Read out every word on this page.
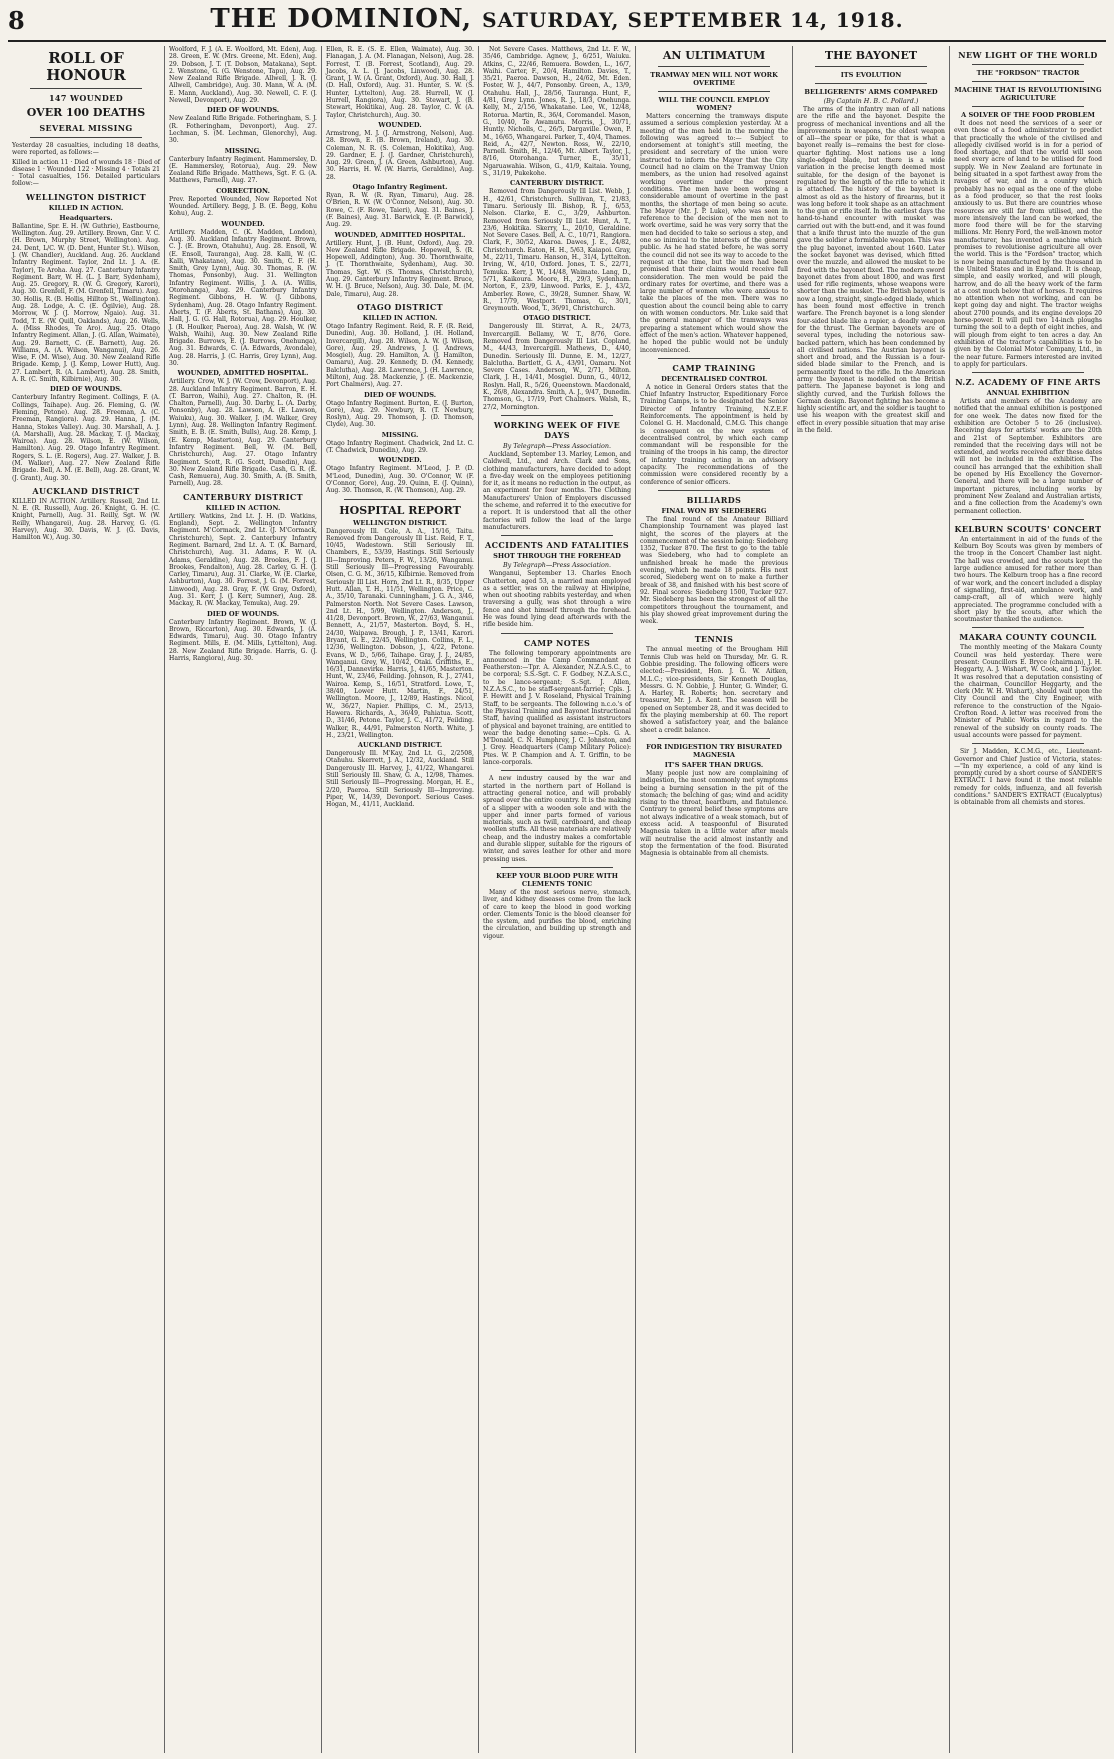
8	THE DOMINION, SATURDAY, SEPTEMBER 14, 1918.
ROLL OF HONOUR
147 WOUNDED
OVER 100 DEATHS
SEVERAL MISSING

Yesterday 28 casualties, including 18 deaths, were reported, as follows:—

Killed in action 11 · Died of wounds 18 · Died of disease 1 · Wounded 122 · Missing 4 · Totals 21 · Total casualties, 156. Detailed particulars follow:—

WELLINGTON DISTRICT
KILLED IN ACTION.
Headquarters.

Ballantine, Spr. E. H. (W. Guthrie), Eastbourne, Wellington. Aug. 29. Artillery. Brown, Gnr. V. C. (H. Brown, Murphy Street, Wellington). Aug. 24. Dent, L/C. W. (D. Dent, Hunter St.). Wilson, J. (W. Chandler), Auckland. Aug. 26. Auckland Infantry Regiment. Taylor, 2nd Lt. J. A. (E. Taylor), Te Aroha. Aug. 27. Canterbury Infantry Regiment. Barr, W. H. (L. J. Barr, Sydenham), Aug. 25. Gregory, R. (W. G. Gregory, Karori), Aug. 30. Grenfell, F. (M. Grenfell, Timaru). Aug. 30. Hollis, R. (B. Hollis, Hilltop St., Wellington). Aug. 28. Lodge, A. C. (E. Ogilvie), Aug. 28. Morrow, W. J. (J. Morrow, Ngaio). Aug. 31. Todd, T. E. (W. Quill, Oaklands), Aug. 26. Wells, A. (Miss Rhodes, Te Aro). Aug. 25. Otago Infantry Regiment. Allan, J. (G. Allan, Waimate), Aug. 29. Barnett, C. (E. Barnett), Aug. 26. Williams, A. (A. Wilson, Wanganui), Aug. 26. Wise, F. (M. Wise), Aug. 30. New Zealand Rifle Brigade. Kemp, J. (J. Kemp, Lower Hutt), Aug. 27. Lambert, R. (A. Lambert), Aug. 28. Smith, A. R. (C. Smith, Kilbirnie), Aug. 30.

DIED OF WOUNDS.

Canterbury Infantry Regiment. Collings, F. (A. Collings, Taihape). Aug. 26. Fleming, G. (W. Fleming, Petone). Aug. 28. Freeman, A. (C. Freeman, Rangiora). Aug. 29. Hanna, J. (M. Hanna, Stokes Valley). Aug. 30. Marshall, A. J. (A. Marshall), Aug. 28. Mackay, T. (J. Mackay, Wairoa). Aug. 28. Wilson, E. (W. Wilson, Hamilton). Aug. 29. Otago Infantry Regiment. Rogers, S. L. (E. Rogers), Aug. 27. Walker, J. B. (M. Walker), Aug. 27. New Zealand Rifle Brigade. Bell, A. M. (E. Bell), Aug. 28. Grant, W. (J. Grant), Aug. 30.

AUCKLAND DISTRICT

KILLED IN ACTION. Artillery. Russell, 2nd Lt. N. E. (R. Russell), Aug. 26. Knight, G. H. (C. Knight, Parnell), Aug. 31. Reilly, Sgt. W. (W. Reilly, Whangarei), Aug. 28. Harvey, G. (G. Harvey), Aug. 30. Davis, W. J. (G. Davis, Hamilton W.), Aug. 30.

Woolford, F. J. (A. E. Woolford, Mt. Eden), Aug. 28. Green, E. W. (Mrs. Greene, Mt. Eden), Aug. 29. Dobson, J. T. (T. Dobson, Matakana), Sept. 2. Wenstone, G. (G. Wenstone, Tapu), Aug. 29. New Zealand Rifle Brigade. Allwell, J. R. (J. Allwell, Cambridge), Aug. 30. Mann, W. A. (M. E. Mann, Auckland), Aug. 30. Newell, C. F. (J. Newell, Devonport), Aug. 29.

DIED OF WOUNDS.

New Zealand Rifle Brigade. Fotheringham, S. J. (R. Fotheringham, Devonport), Aug. 27. Lechman, S. (M. Lechman, Glenorchy), Aug. 30.

MISSING.

Canterbury Infantry Regiment. Hammersley, D. (E. Hammersley, Rotorua), Aug. 29. New Zealand Rifle Brigade. Matthews, Sgt. F. G. (A. Matthews, Parnell), Aug. 27.

CORRECTION.

Prev. Reported Wounded, Now Reported Not Wounded. Artillery. Begg, J. B. (E. Begg, Kohu Kohu), Aug. 2.

WOUNDED.

Artillery. Madden, C. (K. Madden, London), Aug. 30. Auckland Infantry Regiment. Brown, C. J. (E. Brown, Otahuhu), Aug. 28. Ensoll, W. (E. Ensoll, Tauranga), Aug. 28. Kalli, W. (C. Kalli, Whakatane), Aug. 30. Smith, C. F. (H. Smith, Grey Lynn), Aug. 30. Thomas, R. (W. Thomas, Ponsonby), Aug. 31. Wellington Infantry Regiment. Willis, J. A. (A. Willis, Otorohanga), Aug. 29. Canterbury Infantry Regiment. Gibbons, H. W. (J. Gibbons, Sydenham), Aug. 28. Otago Infantry Regiment. Aberts, T. (F. Aberts, St. Bathans), Aug. 30. Hall, J. G. (G. Hall, Rotorua), Aug. 29. Houlker, J. (R. Houlker, Paeroa), Aug. 28. Walsh, W. (W. Walsh, Waihi), Aug. 30. New Zealand Rifle Brigade. Burrows, E. (J. Burrows, Onehunga), Aug. 31. Edwards, C. (A. Edwards, Avondale), Aug. 28. Harris, J. (C. Harris, Grey Lynn), Aug. 30.

WOUNDED, ADMITTED HOSPITAL.

Artillery. Crow, W. J. (W. Crow, Devonport), Aug. 28. Auckland Infantry Regiment. Barron, E. H. (T. Barron, Waihi), Aug. 27. Chalton, R. (H. Chalton, Parnell), Aug. 30. Darby, L. (A. Darby, Ponsonby), Aug. 28. Lawson, A. (E. Lawson, Waiuku), Aug. 30. Walker, J. (M. Walker, Grey Lynn), Aug. 28. Wellington Infantry Regiment. Smith, E. B. (E. Smith, Bulls), Aug. 28. Kemp, J. (E. Kemp, Masterton), Aug. 29. Canterbury Infantry Regiment. Bell, W. (M. Bell, Christchurch), Aug. 27. Otago Infantry Regiment. Scott, R. (G. Scott, Dunedin), Aug. 30. New Zealand Rifle Brigade. Cash, G. R. (E. Cash, Remuera), Aug. 30. Smith, A. (B. Smith, Parnell), Aug. 28.

CANTERBURY DISTRICT
KILLED IN ACTION.

Artillery. Watkins, 2nd Lt. J. H. (D. Watkins, England), Sept. 2. Wellington Infantry Regiment. M'Cormack, 2nd Lt. (J. M'Cormack, Christchurch), Sept. 2. Canterbury Infantry Regiment. Barnard, 2nd Lt. A. T. (K. Barnard, Christchurch), Aug. 31. Adams, F. W. (A. Adams, Geraldine), Aug. 28. Brookes, F. J. (J. Brookes, Fendalton), Aug. 28. Carley, G. H. (J. Carley, Timaru), Aug. 31. Clarke, W. (E. Clarke, Ashburton), Aug. 30. Forrest, J. G. (M. Forrest, Linwood), Aug. 28. Gray, F. (W. Gray, Oxford), Aug. 31. Kerr, J. (J. Kerr, Sumner), Aug. 28. Mackay, R. (W. Mackay, Temuka), Aug. 29.

DIED OF WOUNDS.

Canterbury Infantry Regiment. Brown, W. (J. Brown, Riccarton), Aug. 30. Edwards, J. (A. Edwards, Timaru), Aug. 30. Otago Infantry Regiment. Mills, E. (M. Mills, Lyttelton), Aug. 28. New Zealand Rifle Brigade. Harris, G. (J. Harris, Rangiora), Aug. 30.

Ellen, R. E. (S. E. Ellen, Waimate), Aug. 30. Flanagan, J. A. (M. Flanagan, Nelson), Aug. 28. Forrest, T. (B. Forrest, Scotland), Aug. 29. Jacobs, A. L. (J. Jacobs, Linwood), Aug. 28. Grant, J. W. (A. Grant, Oxford), Aug. 30. Hall, J. (D. Hall, Oxford), Aug. 31. Hunter, S. W. (S. Hunter, Lyttelton), Aug. 28. Hurrell, W. (J. Hurrell, Rangiora), Aug. 30. Stewart, J. (B. Stewart, Hokitika), Aug. 28. Taylor, C. W. (A. Taylor, Christchurch), Aug. 30.

WOUNDED.

Armstrong, M. J. (J. Armstrong, Nelson), Aug. 28. Brown, E. (B. Brown, Ireland), Aug. 30. Coleman, N. R. (S. Coleman, Hokitika), Aug. 29. Gardner, E. J. (J. Gardner, Christchurch), Aug. 29. Green, J. (A. Green, Ashburton), Aug. 30. Harris, H. W. (W. Harris, Geraldine), Aug. 28.

Otago Infantry Regiment.

Ryan, R. W. (R. Ryan, Timaru), Aug. 28. O'Brien, R. W. (W. O'Connor, Nelson), Aug. 30. Rowe, C. (F. Rowe, Taieri), Aug. 31. Baines, J. (F. Baines), Aug. 31. Barwick, E. (P. Barwick), Aug. 29.

WOUNDED, ADMITTED HOSPITAL.

Artillery. Hunt, J. (B. Hunt, Oxford), Aug. 29. New Zealand Rifle Brigade. Hopewell, S. (R. Hopewell, Addington), Aug. 30. Thornthwaite, J. (T. Thornthwaite, Sydenham), Aug. 30. Thomas, Sgt. W. (S. Thomas, Christchurch), Aug. 29. Canterbury Infantry Regiment. Bruce, W. H. (J. Bruce, Nelson), Aug. 30. Dale, M. (M. Dale, Timaru), Aug. 28.

OTAGO DISTRICT
KILLED IN ACTION.

Otago Infantry Regiment. Reid, R. F. (R. Reid, Dunedin), Aug. 30. Holland, J. (H. Holland, Invercargill), Aug. 28. Wilson, A. W. (J. Wilson, Gore), Aug. 29. Andrews, J. (J. Andrews, Mosgiel), Aug. 29. Hamilton, A. (J. Hamilton, Oamaru), Aug. 29. Kennedy, D. (M. Kennedy, Balclutha), Aug. 28. Lawrence, J. (H. Lawrence, Milton), Aug. 28. Mackenzie, J. (E. Mackenzie, Port Chalmers), Aug. 27.

DIED OF WOUNDS.

Otago Infantry Regiment. Burton, E. (J. Burton, Gore), Aug. 29. Newbury, R. (T. Newbury, Roslyn), Aug. 29. Thomson, J. (D. Thomson, Clyde), Aug. 30.

MISSING.

Otago Infantry Regiment. Chadwick, 2nd Lt. C. (T. Chadwick, Dunedin), Aug. 29.

WOUNDED.

Otago Infantry Regiment. M'Leod, J. P. (D. M'Leod, Dunedin), Aug. 30. O'Connor, W. (F. O'Connor, Gore), Aug. 29. Quinn, E. (J. Quinn), Aug. 30. Thomson, R. (W. Thomson), Aug. 29.

HOSPITAL REPORT
WELLINGTON DISTRICT.

Dangerously Ill. Cole, A. A., 15/16, Taitu. Removed from Dangerously Ill List. Reid, F. T., 10/45, Wadestown. Still Seriously Ill. Chambers, E., 53/39, Hastings. Still Seriously Ill—Improving. Peters, F. W., 13/26, Wanganui. Still Seriously Ill—Progressing Favourably. Olsen, C. G. M., 36/15, Kilbirnie. Removed from Seriously Ill List. Horn, 2nd Lt. R., 8/35, Upper Hutt. Allan, T. H., 11/51, Wellington. Price, C. A., 35/10, Taranaki. Cunningham, J. G. A., 3/46, Palmerston North. Not Severe Cases. Lawson, 2nd Lt. H., 5/99, Wellington. Anderson, J., 41/28, Devonport. Brown, W., 27/63, Wanganui. Bennett, A., 21/57, Masterton. Boyd, S. H., 24/30, Waipawa. Brough, J. P., 13/41, Karori. Bryant, G. E., 22/45, Wellington. Collins, F. L., 12/36, Wellington. Dobson, J., 4/22, Petone. Evans, W. D., 5/66, Taihape. Gray, J. J., 24/85, Wanganui. Grey, W., 10/42, Otaki. Griffiths, E., 16/31, Dannevirke. Harris, J., 41/65, Masterton. Hunt, W., 23/46, Feilding. Johnson, R. J., 27/41, Wairoa. Kemp, S., 16/51, Stratford. Lowe, T., 38/40, Lower Hutt. Martin, F., 24/51, Wellington. Moore, J., 12/89, Hastings. Nicol, W., 36/27, Napier. Phillips, C. M., 25/13, Hawera. Richards, A., 36/49, Pahiatua. Scott, D., 31/46, Petone. Taylor, J. C., 41/72, Feilding. Walker, R., 44/91, Palmerston North. White, J. H., 23/21, Wellington.

AUCKLAND DISTRICT.

Dangerously Ill. M'Kay, 2nd Lt. G., 2/2508, Otahuhu. Skerrett, J. A., 12/32, Auckland. Still Dangerously Ill. Harvey, J., 41/22, Whangarei. Still Seriously Ill. Shaw, G. A., 12/98, Thames. Still Seriously Ill—Progressing. Morgan, H. E., 2/20, Paeroa. Still Seriously Ill—Improving. Piper, W., 14/39, Devonport. Serious Cases. Hogan, M., 41/11, Auckland.

Not Severe Cases. Matthews, 2nd Lt. F. W., 35/46, Cambridge. Agnew, J., 6/251, Waiuku. Atkins, C., 22/46, Remuera. Bowden, L., 16/7, Waihi. Carter, F., 20/4, Hamilton. Davies, T., 35/21, Paeroa. Dawson, H., 24/62, Mt. Eden. Foster, W. J., 44/7, Ponsonby. Green, A., 13/9, Otahuhu. Hall, J., 28/56, Tauranga. Hunt, F., 4/81, Grey Lynn. Jones, R. J., 18/3, Onehunga. Kelly, M., 2/156, Whakatane. Lee, W., 12/48, Rotorua. Martin, R., 36/4, Coromandel. Mason, G., 10/40, Te Awamutu. Morris, J., 30/71, Huntly. Nicholls, C., 26/5, Dargaville. Owen, P. M., 16/65, Whangarei. Parker, T., 40/4, Thames. Reid, A., 42/7, Newton. Ross, W., 22/10, Parnell. Smith, H., 12/46, Mt. Albert. Taylor, J., 8/16, Otorohanga. Turner, E., 35/11, Ngaruawahia. Wilson, G., 41/9, Kaitaia. Young, S., 31/19, Pukekohe.

CANTERBURY DISTRICT.

Removed from Dangerously Ill List. Webb, J. H., 42/61, Christchurch. Sullivan, T., 21/83, Timaru. Seriously Ill. Bishop, R. J., 6/53, Nelson. Clarke, E. C., 3/29, Ashburton. Removed from Seriously Ill List. Hunt, A. T., 23/6, Hokitika. Skerry, L., 20/10, Geraldine. Not Severe Cases. Bell, A. C., 10/71, Rangiora. Clark, F., 30/52, Akaroa. Dawes, J. E., 24/82, Christchurch. Eaton, H. H., 5/63, Kaiapoi. Gray, M., 22/11, Timaru. Hanson, H., 31/4, Lyttelton. Irving, W., 4/10, Oxford. Jones, T. S., 22/71, Temuka. Kerr, J. W., 14/48, Waimate. Lang, D., 5/71, Kaikoura. Moore, H., 29/3, Sydenham. Norton, F., 23/9, Linwood. Parks, E. J., 43/2, Amberley. Rowe, C., 39/28, Sumner. Shaw, W. R., 17/79, Westport. Thomas, G., 30/1, Greymouth. Wood, T., 36/91, Christchurch.

OTAGO DISTRICT.

Dangerously Ill. Stirrat, A. R., 24/73, Invercargill. Bellamy, W. T., 8/76, Gore. Removed from Dangerously Ill List. Copland, M., 44/43, Invercargill. Mathews, D., 4/40, Dunedin. Seriously Ill. Dunne, E. M., 12/27, Balclutha. Bartlett, G. A., 43/91, Oamaru. Not Severe Cases. Anderson, W., 2/71, Milton. Clark, J. H., 14/41, Mosgiel. Dunn, G., 40/12, Roslyn. Hall, R., 5/26, Queenstown. Macdonald, K., 26/8, Alexandra. Smith, A. J., 9/47, Dunedin. Thomson, G., 17/19, Port Chalmers. Walsh, R., 27/2, Mornington.

WORKING WEEK OF FIVE DAYS
By Telegraph—Press Association.

Auckland, September 13. Marley, Lemon, and Caldwell, Ltd., and Arch. Clark and Sons, clothing manufacturers, have decided to adopt a five-day week on the employees petitioning for it, as it means no reduction in the output, as an experiment for four months. The Clothing Manufacturers' Union of Employers discussed the scheme, and referred it to the executive for a report. It is understood that all the other factories will follow the lead of the large manufacturers.

ACCIDENTS AND FATALITIES
SHOT THROUGH THE FOREHEAD
By Telegraph—Press Association.

Wanganui, September 13. Charles Enoch Chatterton, aged 53, a married man employed as a settler, was on the railway at Hiwipine, when out shooting rabbits yesterday, and when traversing a gully, was shot through a wire fence and shot himself through the forehead. He was found lying dead afterwards with the rifle beside him.

CAMP NOTES

The following temporary appointments are announced in the Camp Commandant at Featherston:—Tpr. A. Alexander, N.Z.A.S.C., to be corporal; S.S.-Sgt. C. F. Godbey, N.Z.A.S.C., to be lance-sergeant; S.-Sgt. J. Allen, N.Z.A.S.C., to be staff-sergeant-farrier; Cpls. J. F. Hewitt and J. V. Roseland, Physical Training Staff, to be sergeants. The following n.c.o.'s of the Physical Training and Bayonet Instructional Staff, having qualified as assistant instructors of physical and bayonet training, are entitled to wear the badge denoting same:—Cpls. G. A. M'Donald, C. N. Humphrey, J. C. Johnston, and J. Grey. Headquarters (Camp Military Police): Ptes. W. P. Champion and A. T. Griffin, to be lance-corporals.

A new industry caused by the war and started in the northern part of Holland is attracting general notice, and will probably spread over the entire country. It is the making of a slipper with a wooden sole and with the upper and inner parts formed of various materials, such as twill, cardboard, and cheap woollen stuffs. All these materials are relatively cheap, and the industry makes a comfortable and durable slipper, suitable for the rigours of winter, and saves leather for other and more pressing uses.

KEEP YOUR BLOOD PURE WITH CLEMENTS TONIC

Many of the most serious nerve, stomach, liver, and kidney diseases come from the lack of care to keep the blood in good working order. Clements Tonic is the blood cleanser for the system, and purifies the blood, enriching the circulation, and building up strength and vigour.

AN ULTIMATUM
TRAMWAY MEN WILL NOT WORK OVERTIME
WILL THE COUNCIL EMPLOY WOMEN?

Matters concerning the tramways dispute assumed a serious complexion yesterday. At a meeting of the men held in the morning the following was agreed to:— Subject to endorsement at tonight's still meeting, the president and secretary of the union were instructed to inform the Mayor that the City Council had no claim on the Tramway Union members, as the union had resolved against working overtime under the present conditions. The men have been working a considerable amount of overtime in the past months, the shortage of men being so acute. The Mayor (Mr. J. P. Luke), who was seen in reference to the decision of the men not to work overtime, said he was very sorry that the men had decided to take so serious a step, and one so inimical to the interests of the general public. As he had stated before, he was sorry the council did not see its way to accede to the request at the time, but the men had been promised that their claims would receive full consideration. The men would be paid the ordinary rates for overtime, and there was a large number of women who were anxious to take the places of the men. There was no question about the council being able to carry on with women conductors. Mr. Luke said that the general manager of the tramways was preparing a statement which would show the effect of the men's action. Whatever happened, he hoped the public would not be unduly inconvenienced.

CAMP TRAINING
DECENTRALISED CONTROL

A notice in General Orders states that the Chief Infantry Instructor, Expeditionary Force Training Camps, is to be designated the Senior Director of Infantry Training, N.Z.E.F. Reinforcements. The appointment is held by Colonel G. H. Macdonald, C.M.G. This change is consequent on the new system of decentralised control, by which each camp commandant will be responsible for the training of the troops in his camp, the director of infantry training acting in an advisory capacity. The recommendations of the commission were considered recently by a conference of senior officers.

BILLIARDS
FINAL WON BY SIEDEBERG

The final round of the Amateur Billiard Championship Tournament was played last night, the scores of the players at the commencement of the session being: Siedeberg 1352, Tucker 870. The first to go to the table was Siedeberg, who had to complete an unfinished break he made the previous evening, which he made 18 points. His next scored, Siedeberg went on to make a further break of 38, and finished with his best score of 92. Final scores: Siedeberg 1500, Tucker 927. Mr. Siedeberg has been the strongest of all the competitors throughout the tournament, and his play showed great improvement during the week.

TENNIS

The annual meeting of the Brougham Hill Tennis Club was held on Thursday, Mr. G. R. Gobbie presiding. The following officers were elected:—President, Hon. J. G. W. Aitken, M.L.C.; vice-presidents, Sir Kenneth Douglas, Messrs. G. N. Gobbie, J. Hunter, G. Winder, G. A. Harley, R. Roberts; hon. secretary and treasurer, Mr. J. A. Kent. The season will be opened on September 28, and it was decided to fix the playing membership at 60. The report showed a satisfactory year, and the balance sheet a credit balance.

FOR INDIGESTION TRY BISURATED MAGNESIA
IT'S SAFER THAN DRUGS.

Many people just now are complaining of indigestion, the most commonly met symptoms being a burning sensation in the pit of the stomach; the belching of gas; wind and acidity rising to the throat, heartburn, and flatulence. Contrary to general belief these symptoms are not always indicative of a weak stomach, but of excess acid. A teaspoonful of Bisurated Magnesia taken in a little water after meals will neutralise the acid almost instantly and stop the fermentation of the food. Bisurated Magnesia is obtainable from all chemists.

THE BAYONET
ITS EVOLUTION
BELLIGERENTS' ARMS COMPARED
(By Captain H. B. C. Pollard.)

The arms of the infantry man of all nations are the rifle and the bayonet. Despite the progress of mechanical inventions and all the improvements in weapons, the oldest weapon of all—the spear or pike, for that is what a bayonet really is—remains the best for close-quarter fighting. Most nations use a long single-edged blade, but there is a wide variation in the precise length deemed most suitable, for the design of the bayonet is regulated by the length of the rifle to which it is attached. The history of the bayonet is almost as old as the history of firearms, but it was long before it took shape as an attachment to the gun or rifle itself. In the earliest days the hand-to-hand encounter with musket was carried out with the butt-end, and it was found that a knife thrust into the muzzle of the gun gave the soldier a formidable weapon. This was the plug bayonet, invented about 1640. Later the socket bayonet was devised, which fitted over the muzzle, and allowed the musket to be fired with the bayonet fixed. The modern sword bayonet dates from about 1800, and was first used for rifle regiments, whose weapons were shorter than the musket. The British bayonet is now a long, straight, single-edged blade, which has been found most effective in trench warfare. The French bayonet is a long slender four-sided blade like a rapier, a deadly weapon for the thrust. The German bayonets are of several types, including the notorious saw-backed pattern, which has been condemned by all civilised nations. The Austrian bayonet is short and broad, and the Russian is a four-sided blade similar to the French, and is permanently fixed to the rifle. In the American army the bayonet is modelled on the British pattern. The Japanese bayonet is long and slightly curved, and the Turkish follows the German design. Bayonet fighting has become a highly scientific art, and the soldier is taught to use his weapon with the greatest skill and effect in every possible situation that may arise in the field.

NEW LIGHT OF THE WORLD
THE "FORDSON" TRACTOR
MACHINE THAT IS REVOLUTIONISING AGRICULTURE
A SOLVER OF THE FOOD PROBLEM

It does not need the services of a seer or even those of a food administrator to predict that practically the whole of the civilised and allegedly civilised world is in for a period of food shortage, and that the world will soon need every acre of land to be utilised for food supply. We in New Zealand are fortunate in being situated in a spot farthest away from the ravages of war, and in a country which probably has no equal as the one of the globe as a food producer, so that the rest looks anxiously to us. But there are countries whose resources are still far from utilised, and the more intensively the land can be worked, the more food there will be for the starving millions. Mr. Henry Ford, the well-known motor manufacturer, has invented a machine which promises to revolutionise agriculture all over the world. This is the "Fordson" tractor, which is now being manufactured by the thousand in the United States and in England. It is cheap, simple, and easily worked, and will plough, harrow, and do all the heavy work of the farm at a cost much below that of horses. It requires no attention when not working, and can be kept going day and night. The tractor weighs about 2700 pounds, and its engine develops 20 horse-power. It will pull two 14-inch ploughs turning the soil to a depth of eight inches, and will plough from eight to ten acres a day. An exhibition of the tractor's capabilities is to be given by the Colonial Motor Company, Ltd., in the near future. Farmers interested are invited to apply for particulars.

N.Z. ACADEMY OF FINE ARTS
ANNUAL EXHIBITION

Artists and members of the Academy are notified that the annual exhibition is postponed for one week. The dates now fixed for the exhibition are October 5 to 26 (inclusive). Receiving days for artists' works are the 20th and 21st of September. Exhibitors are reminded that the receiving days will not be extended, and works received after these dates will not be included in the exhibition. The council has arranged that the exhibition shall be opened by His Excellency the Governor-General, and there will be a large number of important pictures, including works by prominent New Zealand and Australian artists, and a fine collection from the Academy's own permanent collection.

KELBURN SCOUTS' CONCERT

An entertainment in aid of the funds of the Kelburn Boy Scouts was given by members of the troop in the Concert Chamber last night. The hall was crowded, and the scouts kept the large audience amused for rather more than two hours. The Kelburn troop has a fine record of war work, and the concert included a display of signalling, first-aid, ambulance work, and camp-craft, all of which were highly appreciated. The programme concluded with a short play by the scouts, after which the scoutmaster thanked the audience.

MAKARA COUNTY COUNCIL

The monthly meeting of the Makara County Council was held yesterday. There were present: Councillors E. Bryce (chairman), J. H. Heggarty, A. J. Wishart, W. Cook, and J. Taylor. It was resolved that a deputation consisting of the chairman, Councillor Heggarty, and the clerk (Mr. W. H. Wishart), should wait upon the City Council and the City Engineer, with reference to the construction of the Ngaio-Crofton Road. A letter was received from the Minister of Public Works in regard to the renewal of the subsidy on county roads. The usual accounts were passed for payment.

Sir J. Madden, K.C.M.G., etc., Lieutenant-Governor and Chief Justice of Victoria, states:—"In my experience, a cold of any kind is promptly cured by a short course of SANDER'S EXTRACT. I have found it the most reliable remedy for colds, influenza, and all feverish conditions." SANDER'S EXTRACT (Eucalyptus) is obtainable from all chemists and stores.
